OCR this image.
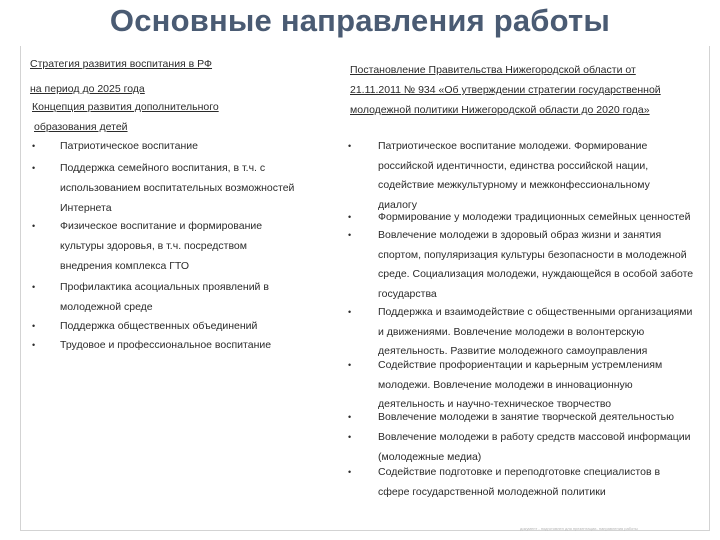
Основные направления работы
Стратегия развития воспитания в РФ
на период до 2025 года
Концепция развития дополнительного
образования детей
• Патриотическое воспитание
• Поддержка семейного воспитания, в т.ч. с
использованием воспитательных возможностей
Интернета
• Физическое воспитание и формирование
культуры здоровья, в т.ч. посредством
внедрения комплекса ГТО
• Профилактика асоциальных проявлений в
молодежной среде
• Поддержка общественных объединений
• Трудовое и профессиональное воспитание
Постановление Правительства Нижегородской области от
21.11.2011 № 934 «Об утверждении стратегии государственной
молодежной политики Нижегородской области до 2020 года»
•	Патриотическое воспитание молодежи. Формирование
российской идентичности, единства российской нации,
содействие межкультурному и межконфессиональному
диалогу
•	Формирование у молодежи традиционных семейных ценностей
•	Вовлечение молодежи в здоровый образ жизни и занятия
спортом, популяризация культуры безопасности в молодежной
среде. Социализация молодежи, нуждающейся в особой заботе
государства
•	Поддержка и взаимодействие с общественными организациями
и движениями. Вовлечение молодежи в волонтерскую
деятельность. Развитие молодежного самоуправления
•	Содействие профориентации и карьерным устремлениям
молодежи. Вовлечение молодежи в инновационную
деятельность и научно-техническое творчество
•	Вовлечение молодежи в занятие творческой деятельностью
•	Вовлечение молодежи в работу средств массовой информации
(молодежные медиа)
•	Содействие подготовке и переподготовке специалистов в
сфере государственной молодежной политики
документ - подготовлен для презентации- направления работы
